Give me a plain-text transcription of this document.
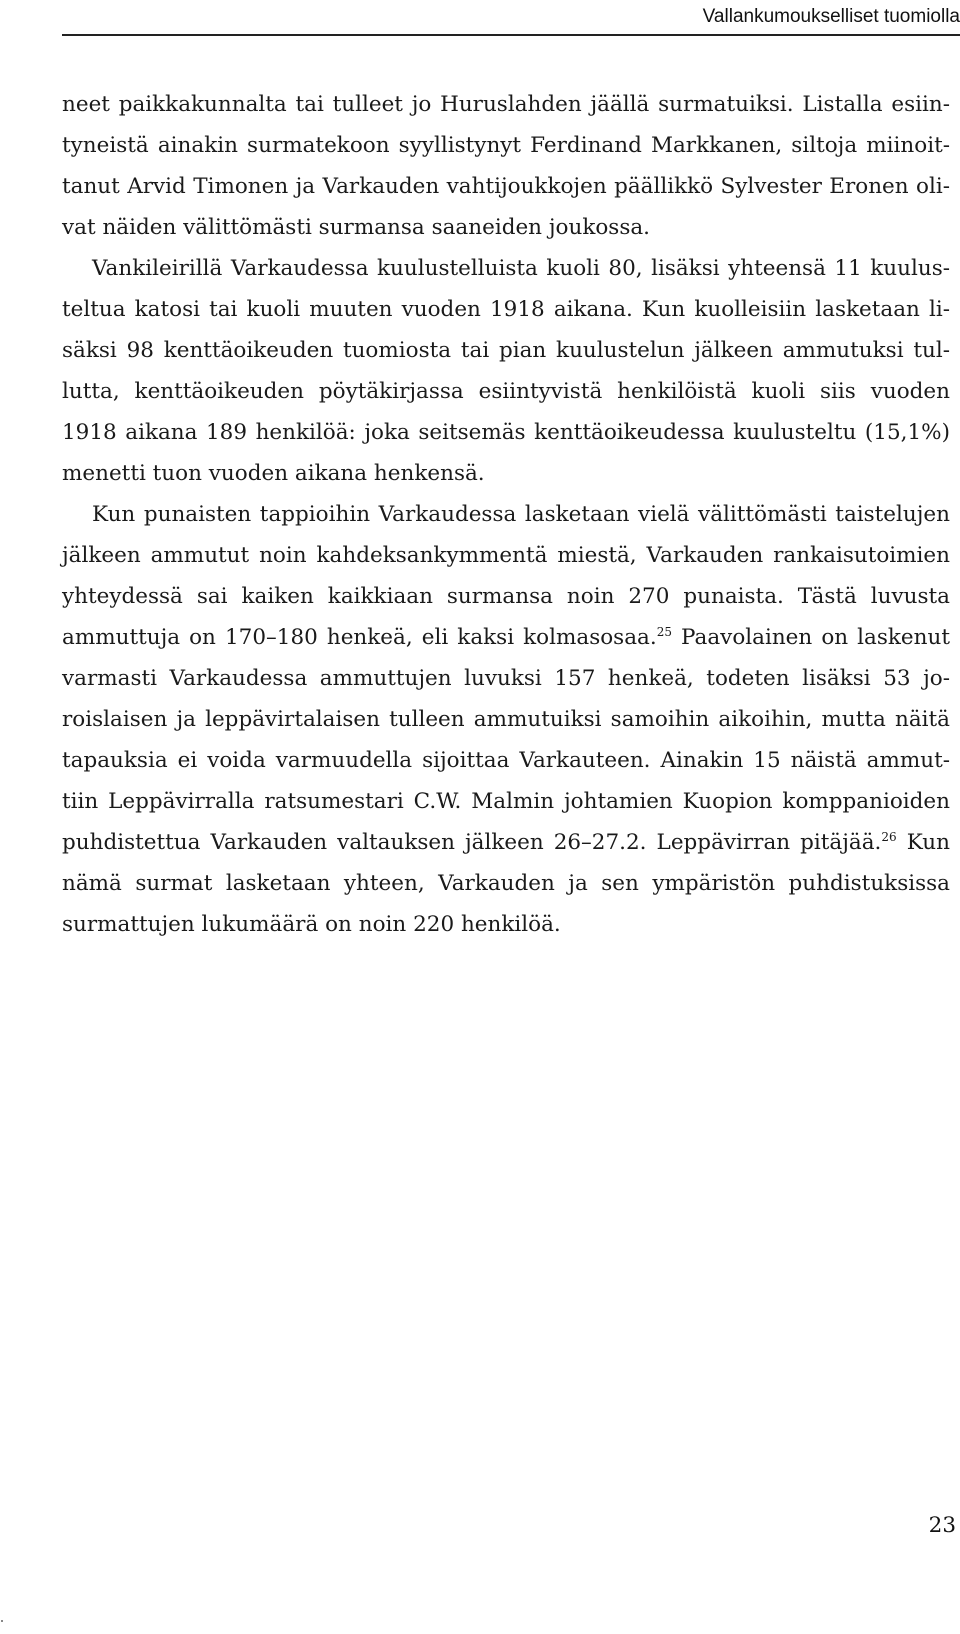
Vallankumoukselliset tuomiolla

neet paikkakunnalta tai tulleet jo Huruslahden jäällä surmatuiksi. Listalla esiintyneistä ainakin surmatekoon syyllistynyt Ferdinand Markkanen, siltoja miinoittanut Arvid Timonen ja Varkauden vahtijoukkojen päällikkö Sylvester Eronen olivat näiden välittömästi surmansa saaneiden joukossa.

Vankileirillä Varkaudessa kuulustelluista kuoli 80, lisäksi yhteensä 11 kuulusteltua katosi tai kuoli muuten vuoden 1918 aikana. Kun kuolleisiin lasketaan lisäksi 98 kenttäoikeuden tuomiosta tai pian kuulustelun jälkeen ammutuksi tullutta, kenttäoikeuden pöytäkirjassa esiintyvistä henkilöistä kuoli siis vuoden 1918 aikana 189 henkilöä: joka seitsemäs kenttäoikeudessa kuulusteltu (15,1%) menetti tuon vuoden aikana henkensä.

Kun punaisten tappioihin Varkaudessa lasketaan vielä välittömästi taistelujen jälkeen ammutut noin kahdeksankymmentä miestä, Varkauden rankaisutoimien yhteydessä sai kaiken kaikkiaan surmansa noin 270 punaista. Tästä luvusta ammuttuja on 170–180 henkeä, eli kaksi kolmasosaa.$^{25}$ Paavolainen on laskenut varmasti Varkaudessa ammuttujen luvuksi 157 henkeä, todeten lisäksi 53 joroislaisen ja leppävirtalaisen tulleen ammutuiksi samoihin aikoihin, mutta näitä tapauksia ei voida varmuudella sijoittaa Varkauteen. Ainakin 15 näistä ammuttiin Leppävirralla ratsumestari C.W. Malmin johtamien Kuopion komppanioiden puhdistettua Varkauden valtauksen jälkeen 26–27.2. Leppävirran pitäjää.$^{26}$ Kun nämä surmat lasketaan yhteen, Varkauden ja sen ympäristön puhdistuksissa surmattujen lukumäärä on noin 220 henkilöä.

23
